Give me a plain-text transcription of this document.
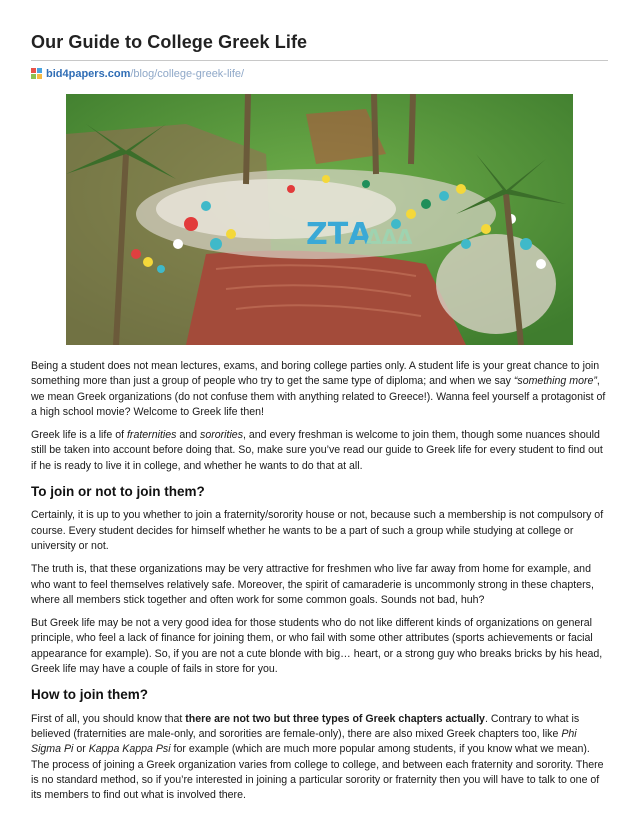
Our Guide to College Greek Life
bid4papers.com /blog/college-greek-life/
ΖΤΑ
ΔΔΔ

Being a student does not mean lectures, exams, and boring college parties only. A student life is your great chance to join something more than just a group of people who try to get the same type of diploma; and when we say “something more”, we mean Greek organizations (do not confuse them with anything related to Greece!). Wanna feel yourself a protagonist of a high school movie? Welcome to Greek life then!

Greek life is a life of fraternities and sororities, and every freshman is welcome to join them, though some nuances should still be taken into account before doing that. So, make sure you’ve read our guide to Greek life for every student to find out if he is ready to live it in college, and whether he wants to do that at all.

To join or not to join them?

Certainly, it is up to you whether to join a fraternity/sorority house or not, because such a membership is not compulsory of course. Every student decides for himself whether he wants to be a part of such a group while studying at college or university or not.

The truth is, that these organizations may be very attractive for freshmen who live far away from home for example, and who want to feel themselves relatively safe. Moreover, the spirit of camaraderie is uncommonly strong in these chapters, where all members stick together and often work for some common goals. Sounds not bad, huh?

But Greek life may be not a very good idea for those students who do not like different kinds of organizations on general principle, who feel a lack of finance for joining them, or who fail with some other attributes (sports achievements or facial appearance for example). So, if you are not a cute blonde with big… heart, or a strong guy who breaks bricks by his head, Greek life may have a couple of fails in store for you.

How to join them?

First of all, you should know that there are not two but three types of Greek chapters actually. Contrary to what is believed (fraternities are male-only, and sororities are female-only), there are also mixed Greek chapters too, like Phi Sigma Pi or Kappa Kappa Psi for example (which are much more popular among students, if you know what we mean). The process of joining a Greek organization varies from college to college, and between each fraternity and sorority. There is no standard method, so if you’re interested in joining a particular sorority or fraternity then you will have to talk to one of its members to find out what is involved there.
